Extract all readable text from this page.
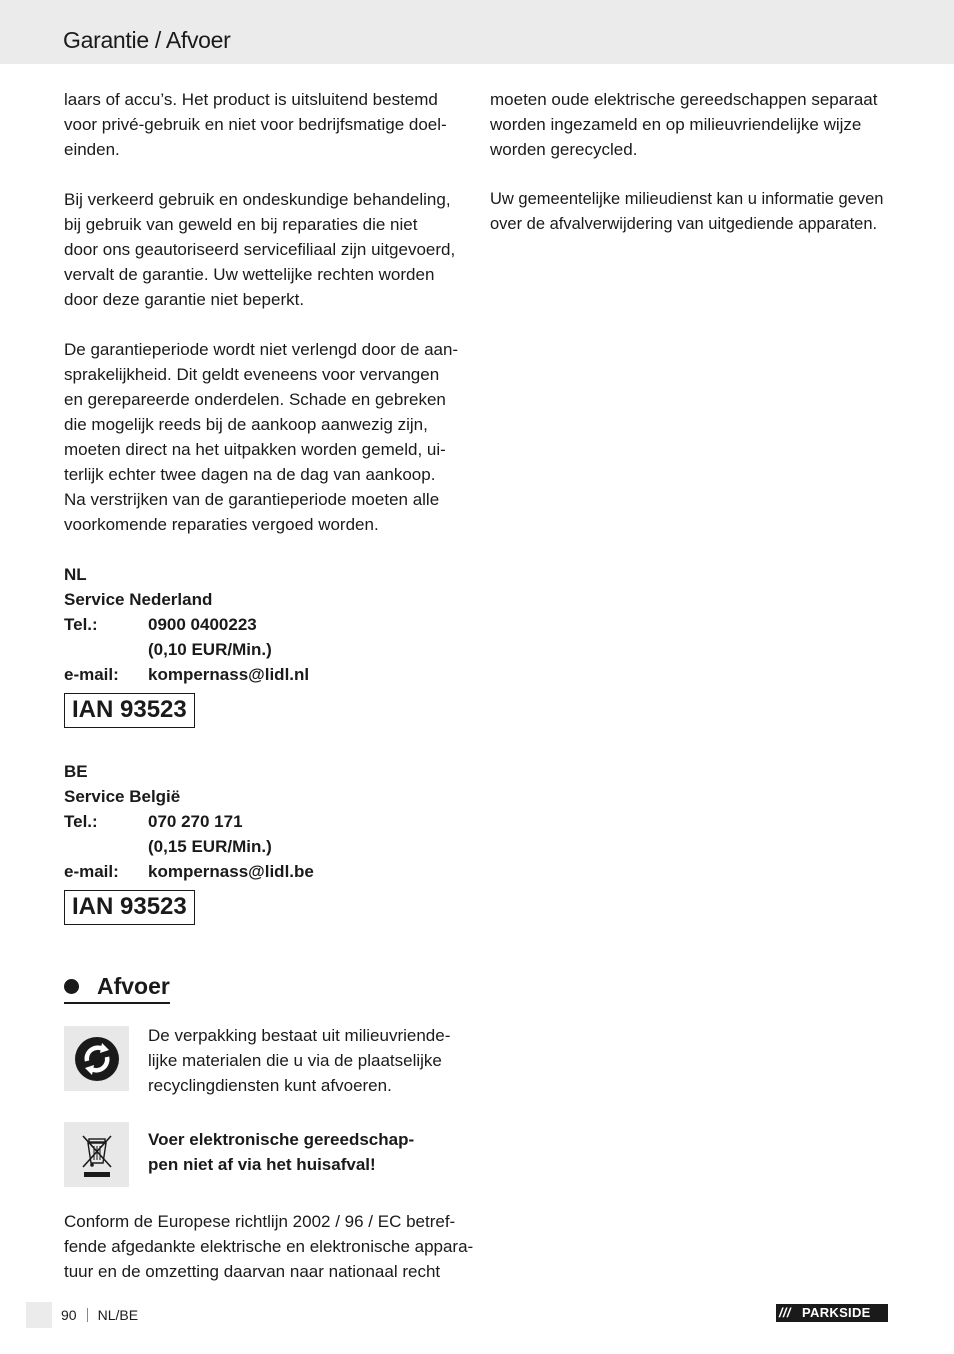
Garantie / Afvoer

laars of accu’s. Het product is uitsluitend bestemd
voor privé-gebruik en niet voor bedrijfsmatige doel-
einden.

Bij verkeerd gebruik en ondeskundige behandeling,
bij gebruik van geweld en bij reparaties die niet
door ons geautoriseerd servicefiliaal zijn uitgevoerd,
vervalt de garantie. Uw wettelijke rechten worden
door deze garantie niet beperkt.

De garantieperiode wordt niet verlengd door de aan-
sprakelijkheid. Dit geldt eveneens voor vervangen
en gerepareerde onderdelen. Schade en gebreken
die mogelijk reeds bij de aankoop aanwezig zijn,
moeten direct na het uitpakken worden gemeld, ui-
terlijk echter twee dagen na de dag van aankoop.
Na verstrijken van de garantieperiode moeten alle
voorkomende reparaties vergoed worden.

NL
Service Nederland
Tel.:	0900 0400223
(0,10 EUR/Min.)
e-mail:	kompernass@lidl.nl
IAN 93523
BE
Service België
Tel.:	070 270 171
(0,15 EUR/Min.)
e-mail:	kompernass@lidl.be
IAN 93523
Afvoer
De verpakking bestaat uit milieuvriende-
lijke materialen die u via de plaatselijke
recyclingdiensten kunt afvoeren.
Voer elektronische gereedschap-
pen niet af via het huisafval!

Conform de Europese richtlijn 2002 / 96 / EC betref-
fende afgedankte elektrische en elektronische appara-
tuur en de omzetting daarvan naar nationaal recht

moeten oude elektrische gereedschappen separaat
worden ingezameld en op milieuvriendelijke wijze
worden gerecycled.

Uw gemeentelijke milieudienst kan u informatie geven
over de afvalverwijdering van uitgediende apparaten.

90 NL/BE	/// PARKSIDE
